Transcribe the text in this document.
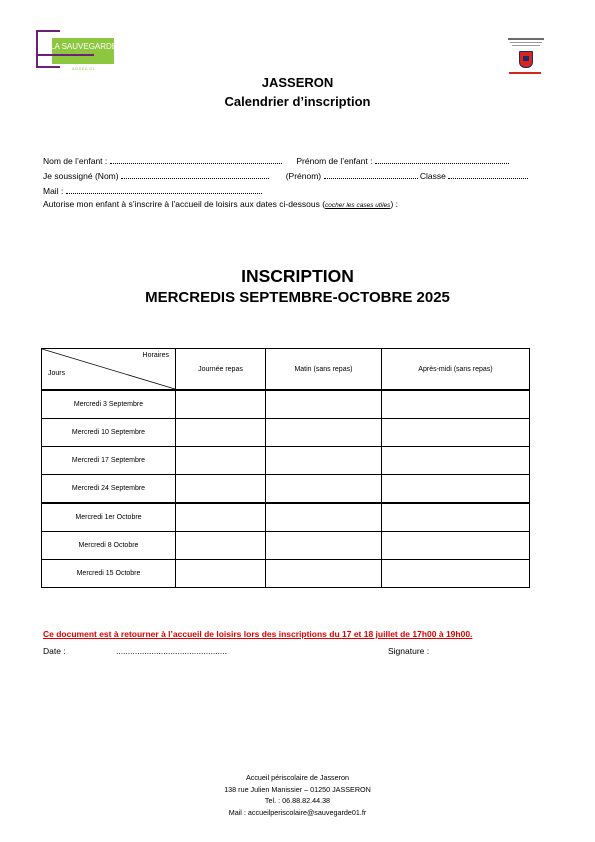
LA SAUVEGARDE
ADSEA 01
JASSERON
Calendrier d’inscription
Nom de l’enfant :	Prénom de l’enfant :
Je soussigné (Nom)	(Prénom)	Classe
Mail :
Autorise mon enfant à s’inscrire à l’accueil de loisirs aux dates ci-dessous (cocher les cases utiles) :
INSCRIPTION
MERCREDIS SEPTEMBRE-OCTOBRE 2025
Horaires
Jours	Journée repas	Matin (sans repas)	Après-midi (sans repas)
Mercredi 3 Septembre			
Mercredi 10 Septembre			
Mercredi 17 Septembre			
Mercredi 24 Septembre			
Mercredi 1er Octobre			
Mercredi 8 Octobre			
Mercredi 15 Octobre			
Ce document est à retourner à l’accueil de loisirs lors des inscriptions du 17 et 18 juillet de 17h00 à 19h00.
Date :	...............................................	Signature :
Accueil périscolaire de Jasseron
138 rue Julien Manissier – 01250 JASSERON
Tel. : 06.88.82.44.38
Mail : accueilperiscolaire@sauvegarde01.fr
